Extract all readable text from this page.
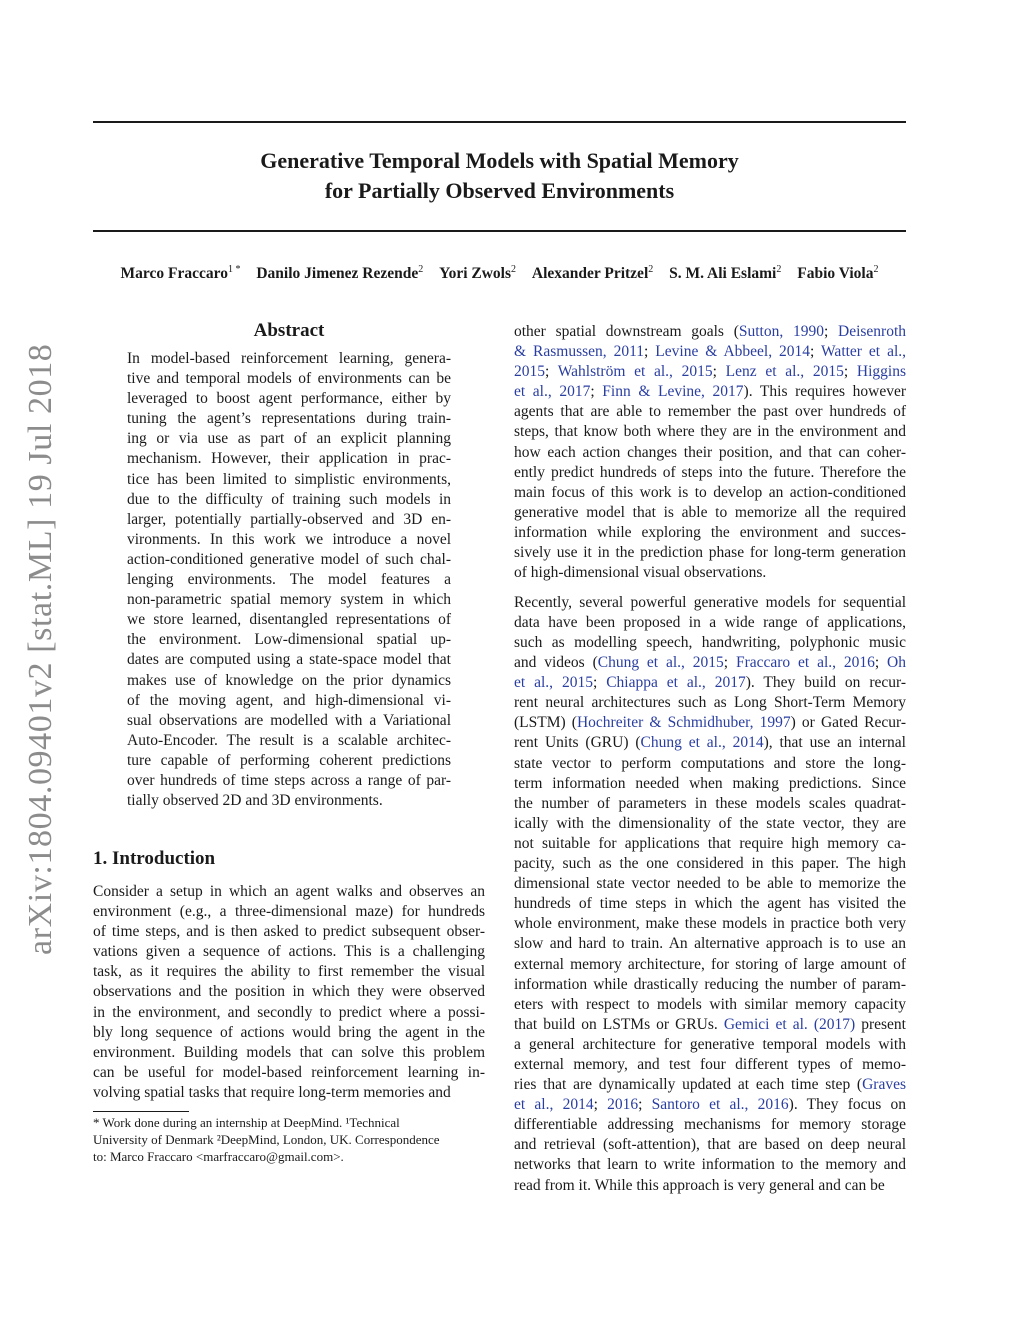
arXiv:1804.09401v2 [stat.ML] 19 Jul 2018
Generative Temporal Models with Spatial Memory
for Partially Observed Environments
Marco Fraccaro$^{1 *}$ Danilo Jimenez Rezende$^2$ Yori Zwols$^2$ Alexander Pritzel$^2$ S. M. Ali Eslami$^2$ Fabio Viola$^2$
Abstract
In model-based reinforcement learning, genera-
tive and temporal models of environments can be
leveraged to boost agent performance, either by
tuning the agent’s representations during train-
ing or via use as part of an explicit planning
mechanism. However, their application in prac-
tice has been limited to simplistic environments,
due to the difficulty of training such models in
larger, potentially partially-observed and 3D en-
vironments. In this work we introduce a novel
action-conditioned generative model of such chal-
lenging environments. The model features a
non-parametric spatial memory system in which
we store learned, disentangled representations of
the environment. Low-dimensional spatial up-
dates are computed using a state-space model that
makes use of knowledge on the prior dynamics
of the moving agent, and high-dimensional vi-
sual observations are modelled with a Variational
Auto-Encoder. The result is a scalable architec-
ture capable of performing coherent predictions
over hundreds of time steps across a range of par-
tially observed 2D and 3D environments.
1. Introduction
Consider a setup in which an agent walks and observes an
environment (e.g., a three-dimensional maze) for hundreds
of time steps, and is then asked to predict subsequent obser-
vations given a sequence of actions. This is a challenging
task, as it requires the ability to first remember the visual
observations and the position in which they were observed
in the environment, and secondly to predict where a possi-
bly long sequence of actions would bring the agent in the
environment. Building models that can solve this problem
can be useful for model-based reinforcement learning in-
volving spatial tasks that require long-term memories and
* Work done during an internship at DeepMind. ¹Technical
University of Denmark ²DeepMind, London, UK. Correspondence
to: Marco Fraccaro <marfraccaro@gmail.com>.
other spatial downstream goals (Sutton, 1990; Deisenroth
& Rasmussen, 2011; Levine & Abbeel, 2014; Watter et al.,
2015; Wahlström et al., 2015; Lenz et al., 2015; Higgins
et al., 2017; Finn & Levine, 2017). This requires however
agents that are able to remember the past over hundreds of
steps, that know both where they are in the environment and
how each action changes their position, and that can coher-
ently predict hundreds of steps into the future. Therefore the
main focus of this work is to develop an action-conditioned
generative model that is able to memorize all the required
information while exploring the environment and succes-
sively use it in the prediction phase for long-term generation
of high-dimensional visual observations.
Recently, several powerful generative models for sequential
data have been proposed in a wide range of applications,
such as modelling speech, handwriting, polyphonic music
and videos (Chung et al., 2015; Fraccaro et al., 2016; Oh
et al., 2015; Chiappa et al., 2017). They build on recur-
rent neural architectures such as Long Short-Term Memory
(LSTM) (Hochreiter & Schmidhuber, 1997) or Gated Recur-
rent Units (GRU) (Chung et al., 2014), that use an internal
state vector to perform computations and store the long-
term information needed when making predictions. Since
the number of parameters in these models scales quadrat-
ically with the dimensionality of the state vector, they are
not suitable for applications that require high memory ca-
pacity, such as the one considered in this paper. The high
dimensional state vector needed to be able to memorize the
hundreds of time steps in which the agent has visited the
whole environment, make these models in practice both very
slow and hard to train. An alternative approach is to use an
external memory architecture, for storing of large amount of
information while drastically reducing the number of param-
eters with respect to models with similar memory capacity
that build on LSTMs or GRUs. Gemici et al. (2017) present
a general architecture for generative temporal models with
external memory, and test four different types of memo-
ries that are dynamically updated at each time step (Graves
et al., 2014; 2016; Santoro et al., 2016). They focus on
differentiable addressing mechanisms for memory storage
and retrieval (soft-attention), that are based on deep neural
networks that learn to write information to the memory and
read from it. While this approach is very general and can be
